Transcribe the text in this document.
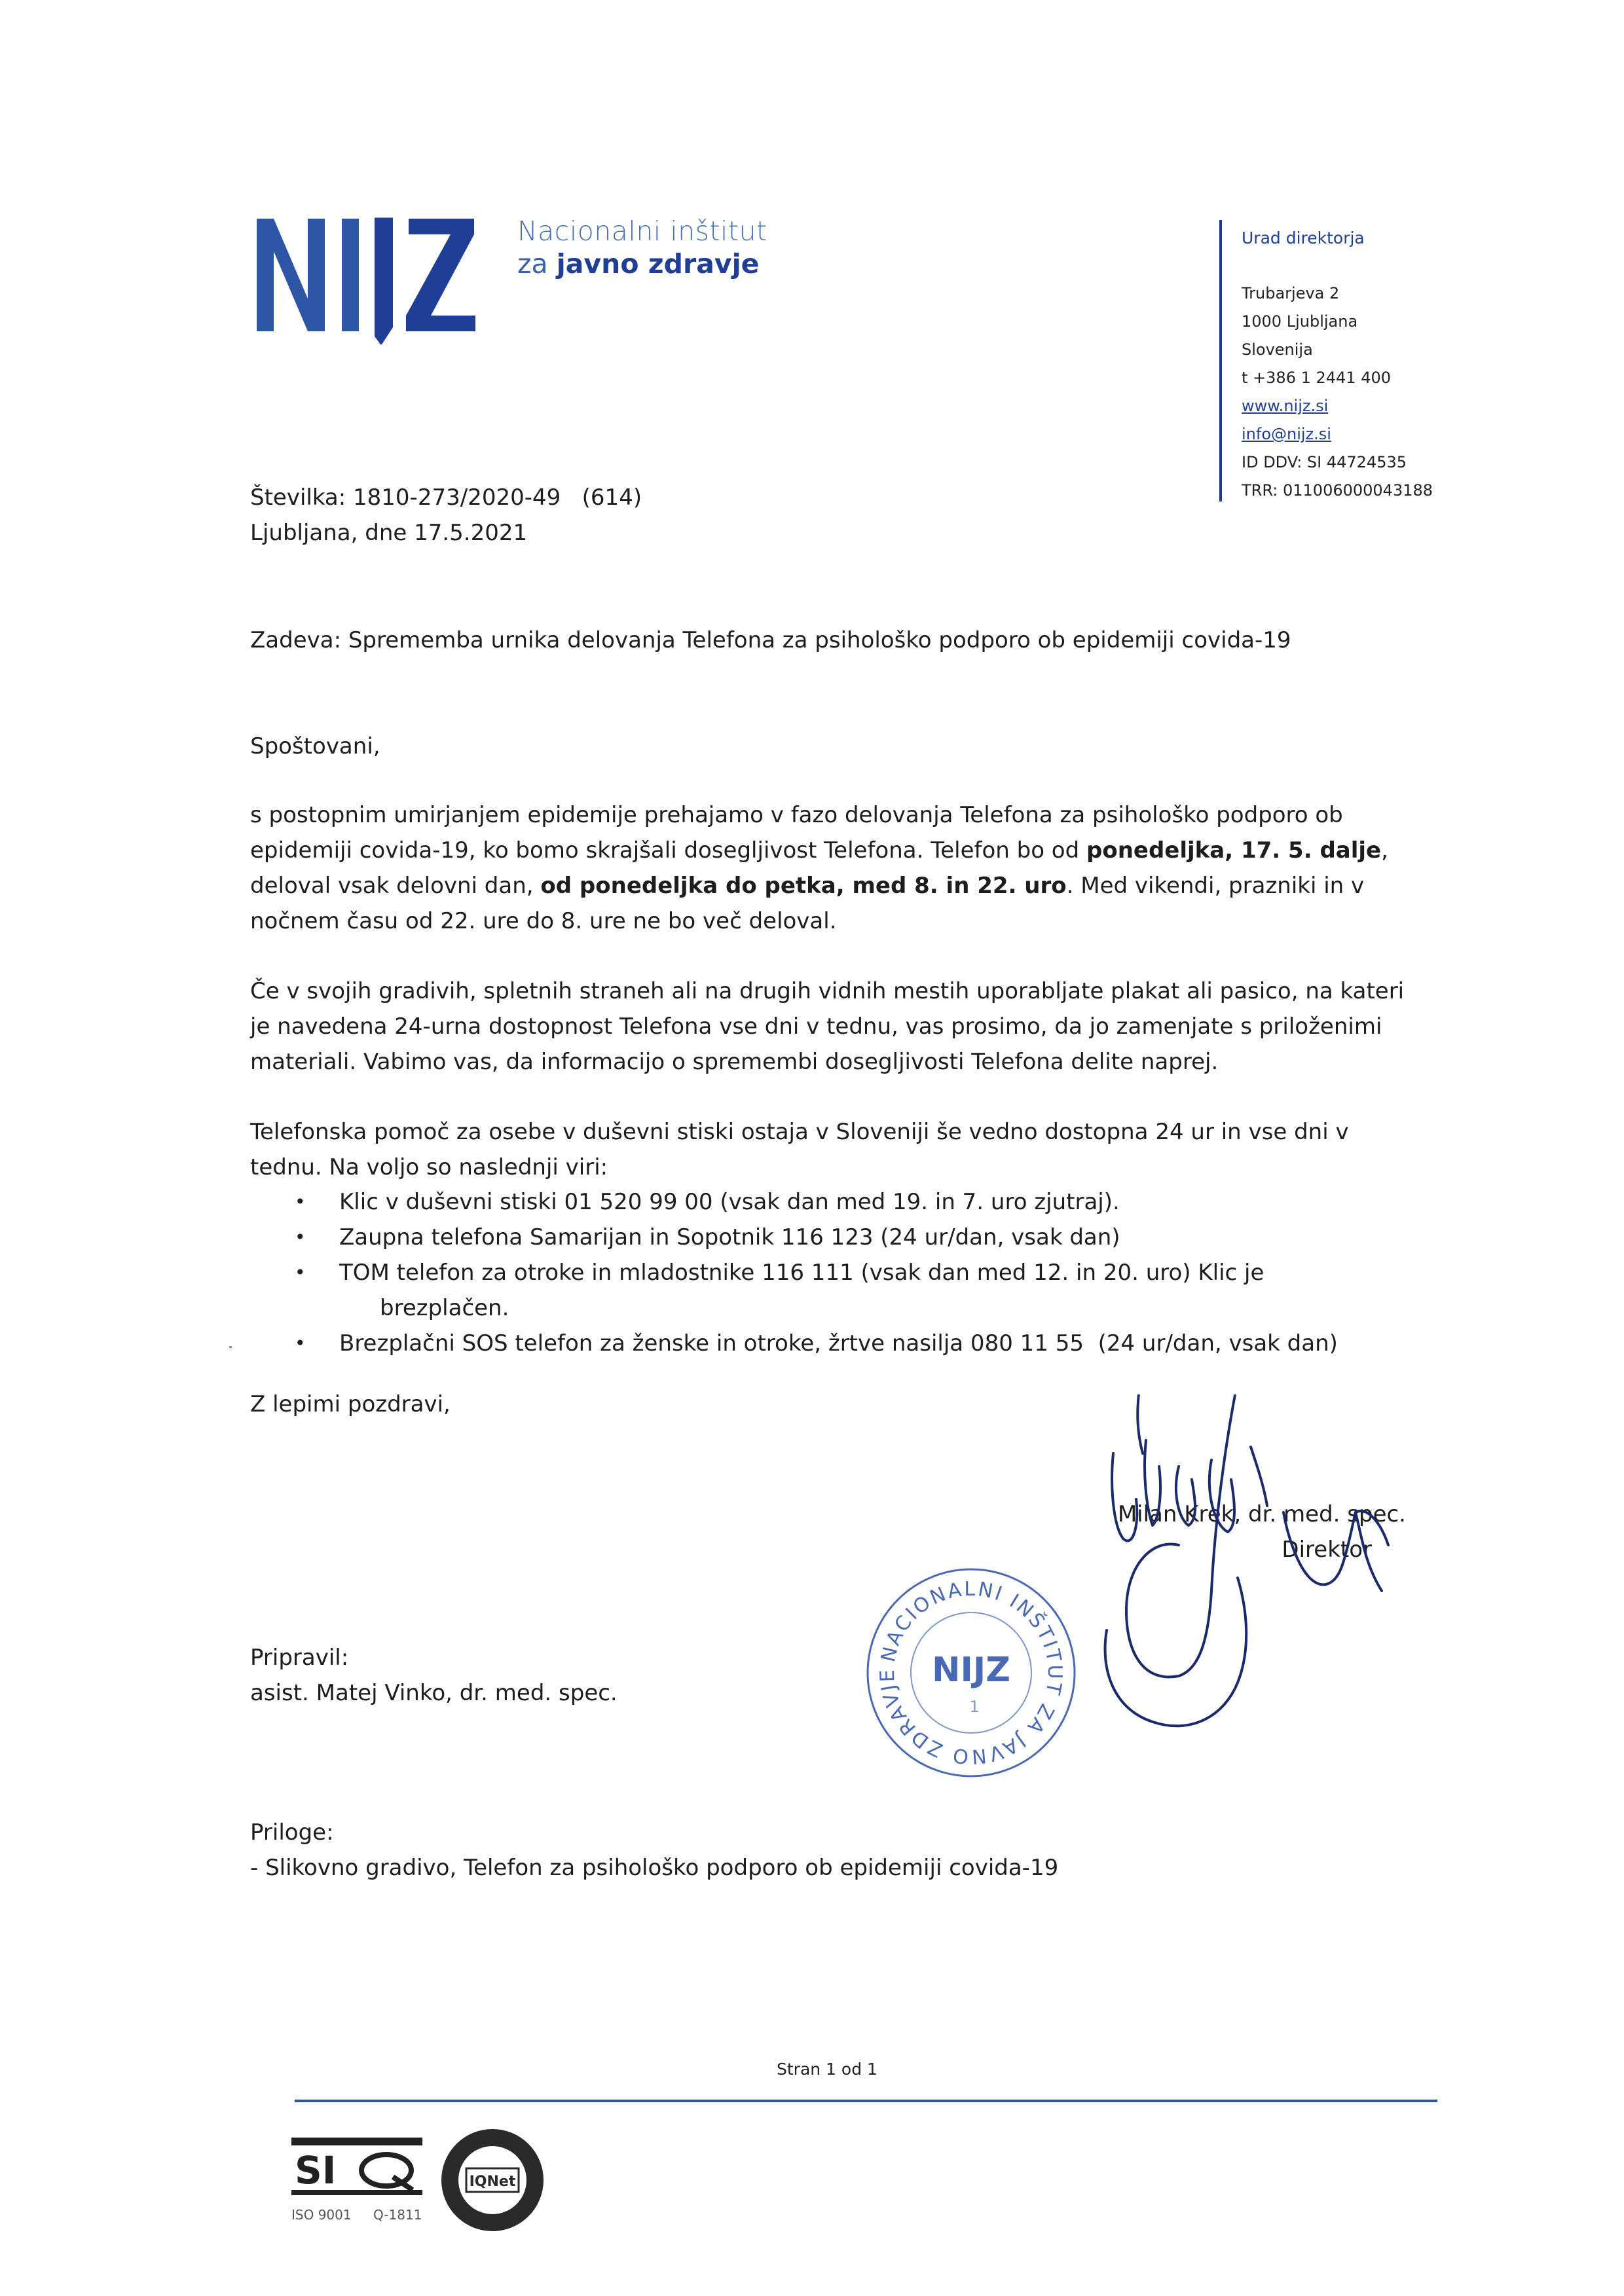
Nacionalni inštitut
za javno zdravje
Urad direktorja
Trubarjeva 2
1000 Ljubljana
Slovenija
t +386 1 2441 400
www.nijz.si
info@nijz.si
ID DDV: SI 44724535
TRR: 011006000043188
Številka: 1810-273/2020-49   (614)
Ljubljana, dne 17.5.2021
Zadeva: Sprememba urnika delovanja Telefona za psihološko podporo ob epidemiji covida-19
Spoštovani,
s postopnim umirjanjem epidemije prehajamo v fazo delovanja Telefona za psihološko podporo ob epidemiji covida-19, ko bomo skrajšali dosegljivost Telefona. Telefon bo od ponedeljka, 17. 5. dalje, deloval vsak delovni dan, od ponedeljka do petka, med 8. in 22. uro. Med vikendi, prazniki in v nočnem času od 22. ure do 8. ure ne bo več deloval.
Če v svojih gradivih, spletnih straneh ali na drugih vidnih mestih uporabljate plakat ali pasico, na kateri je navedena 24-urna dostopnost Telefona vse dni v tednu, vas prosimo, da jo zamenjate s priloženimi materiali. Vabimo vas, da informacijo o spremembi dosegljivosti Telefona delite naprej.
Telefonska pomoč za osebe v duševni stiski ostaja v Sloveniji še vedno dostopna 24 ur in vse dni v tednu. Na voljo so naslednji viri:
•	Klic v duševni stiski 01 520 99 00 (vsak dan med 19. in 7. uro zjutraj).
•	Zaupna telefona Samarijan in Sopotnik 116 123 (24 ur/dan, vsak dan)
•	TOM telefon za otroke in mladostnike 116 111 (vsak dan med 12. in 20. uro) Klic je
brezplačen.
•	Brezplačni SOS telefon za ženske in otroke, žrtve nasilja 080 11 55  (24 ur/dan, vsak dan)
Z lepimi pozdravi,
Milan Krek, dr. med. spec.
Direktor
Pripravil:
asist. Matej Vinko, dr. med. spec.
Priloge:
- Slikovno gradivo, Telefon za psihološko podporo ob epidemiji covida-19
NACIONALNI INŠTITUT ZA JAVNO ZDRAVJE NIJZ
1
Stran 1 od 1
SI
ISO 9001 Q-1811
IQNet
